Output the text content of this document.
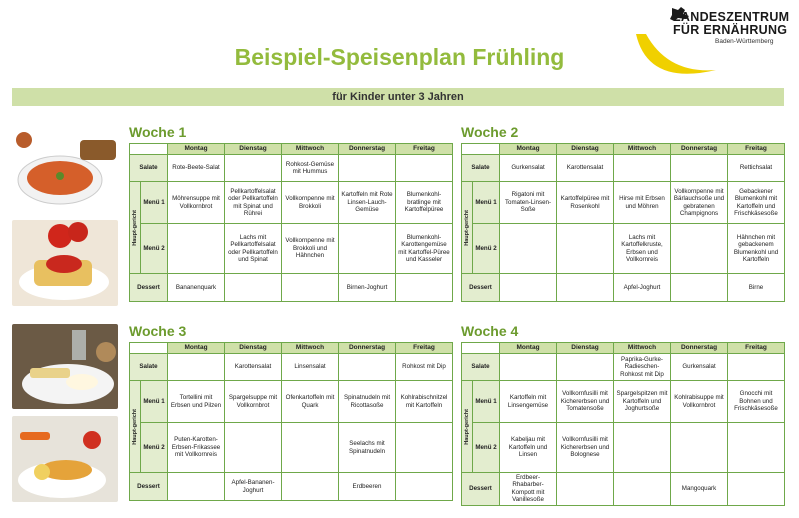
Beispiel-Speisenplan Frühling
für Kinder unter 3 Jahren
LANDESZENTRUM
FÜR ERNÄHRUNG
Baden-Württemberg
Woche 1
		Montag	Dienstag	Mittwoch	Donnerstag	Freitag
Salate		Rote-Beete-Salat		Rohkost-Gemüse mit Hummus		

Haupt-gericht	Menü 1	Möhrensuppe mit Vollkornbrot	Pellkartoffelsalat oder Pellkartoffeln mit Spinat und Rührei	Vollkornpenne mit Brokkoli	Kartoffeln mit Rote Linsen-Lauch-Gemüse	Blumenkohl-bratlinge mit Kartoffelpüree
	Menü 2		Lachs mit Pellkartoffelsalat oder Pellkartoffeln und Spinat	Vollkornpenne mit Brokkoli und Hähnchen		Blumenkohl-Karottengemüse mit Kartoffel-Püree und Kasseler
Dessert		Bananenquark			Birnen-Joghurt	
Woche 2
		Montag	Dienstag	Mittwoch	Donnerstag	Freitag
Salate		Gurkensalat	Karottensalat			Rettichsalat

Haupt-gericht	Menü 1	Rigatoni mit Tomaten-Linsen-Soße	Kartoffelpüree mit Rosenkohl	Hirse mit Erbsen und Möhren	Vollkornpenne mit Bärlauchsoße und gebratenen Champignons	Gebackener Blumenkohl mit Kartoffeln und Frischkäsesoße
	Menü 2			Lachs mit Kartoffelkruste, Erbsen und Vollkornreis		Hähnchen mit gebackenem Blumenkohl und Kartoffeln
Dessert				Apfel-Joghurt		Birne
Woche 3
		Montag	Dienstag	Mittwoch	Donnerstag	Freitag
Salate			Karottensalat	Linsensalat		Rohkost mit Dip

Haupt-gericht	Menü 1	Tortellini mit Erbsen und Pilzen	Spargelsuppe mit Vollkornbrot	Ofenkartoffeln mit Quark	Spinatnudeln mit Ricottasoße	Kohlrabischnitzel mit Kartoffeln
	Menü 2	Puten-Karotten-Erbsen-Frikassee mit Vollkornreis			Seelachs mit Spinatnudeln	
Dessert			Apfel-Bananen-Joghurt		Erdbeeren	
Woche 4
		Montag	Dienstag	Mittwoch	Donnerstag	Freitag
Salate				Paprika-Gurke-Radieschen-Rohkost mit Dip	Gurkensalat	

Haupt-gericht	Menü 1	Kartoffeln mit Linsengemüse	Vollkornfusilli mit Kichererbsen und Tomatensoße	Spargelspitzen mit Kartoffeln und Joghurtsoße	Kohlrabisuppe mit Vollkornbrot	Gnocchi mit Bohnen und Frischkäsesoße
	Menü 2	Kabeljau mit Kartoffeln und Linsen	Vollkornfusilli mit Kichererbsen und Bolognese			
Dessert		Erdbeer-Rhabarber-Kompott mit Vanillesoße			Mangoquark	
